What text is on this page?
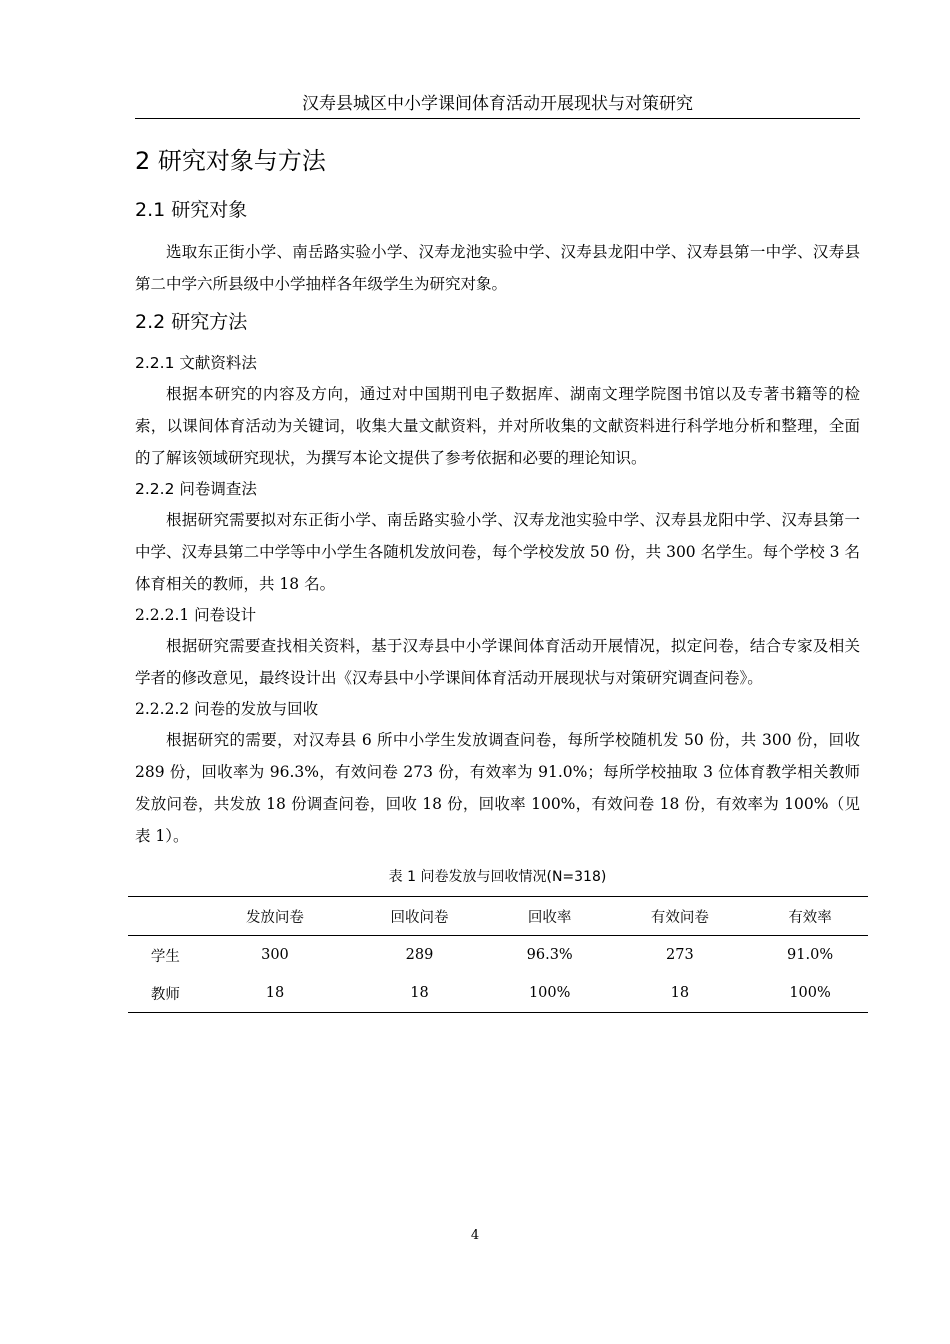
汉寿县城区中小学课间体育活动开展现状与对策研究
2 研究对象与方法
2.1 研究对象

选取东正街小学、南岳路实验小学、汉寿龙池实验中学、汉寿县龙阳中学、汉寿县第一中学、汉寿县第二中学六所县级中小学抽样各年级学生为研究对象。

2.2 研究方法
2.2.1 文献资料法

根据本研究的内容及方向，通过对中国期刊电子数据库、湖南文理学院图书馆以及专著书籍等的检索，以课间体育活动为关键词，收集大量文献资料，并对所收集的文献资料进行科学地分析和整理，全面的了解该领域研究现状，为撰写本论文提供了参考依据和必要的理论知识。

2.2.2 问卷调查法

根据研究需要拟对东正街小学、南岳路实验小学、汉寿龙池实验中学、汉寿县龙阳中学、汉寿县第一中学、汉寿县第二中学等中小学生各随机发放问卷，每个学校发放 50 份，共 300 名学生。每个学校 3 名体育相关的教师，共 18 名。

2.2.2.1 问卷设计

根据研究需要查找相关资料，基于汉寿县中小学课间体育活动开展情况，拟定问卷，结合专家及相关学者的修改意见，最终设计出《汉寿县中小学课间体育活动开展现状与对策研究调查问卷》。

2.2.2.2 问卷的发放与回收

根据研究的需要，对汉寿县 6 所中小学生发放调查问卷，每所学校随机发 50 份，共 300 份，回收 289 份，回收率为 96.3%，有效问卷 273 份，有效率为 91.0%；每所学校抽取 3 位体育教学相关教师发放问卷，共发放 18 份调查问卷，回收 18 份，回收率 100%，有效问卷 18 份，有效率为 100%（见表 1）。

表 1 问卷发放与回收情况(N=318)
	发放问卷	回收问卷	回收率	有效问卷	有效率
学生	300	289	96.3%	273	91.0%
教师	18	18	100%	18	100%
4
